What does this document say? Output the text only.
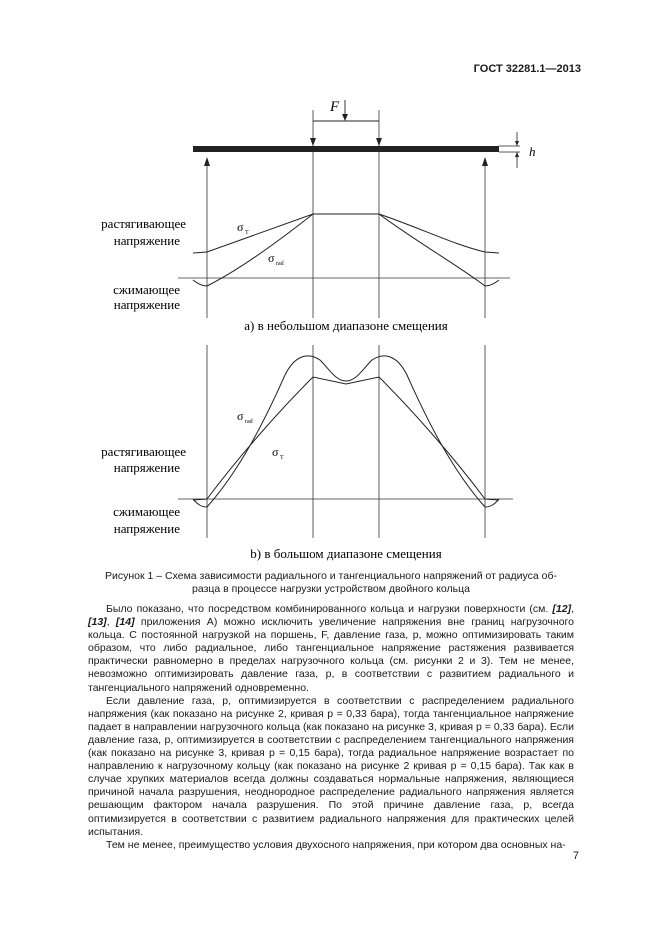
ГОСТ 32281.1—2013
F
h
растягивающее
напряжение
сжимающее
напряжение
σ T
σ rad
а) в небольшом диапазоне смещения
растягивающее
напряжение
сжимающее
напряжение
σ rad
σ T
b) в большом диапазоне смещения
Рисунок 1 – Схема зависимости радиального и тангенциального напряжений от радиуса об-
разца в процессе нагрузки устройством двойного кольца

Было показано, что посредством комбинированного кольца и нагрузки поверхности (см. [12], [13], [14] приложения А) можно исключить увеличение напряжения вне границ нагрузочного кольца. С постоянной нагрузкой на поршень, F, давление газа, р, можно оптимизировать таким образом, что либо радиальное, либо тангенциальное напряжение растяжения развивается практически равномерно в пределах нагрузочного кольца (см. рисунки 2 и 3). Тем не менее, невозможно оптимизировать давление газа, р, в соответствии с развитием радиального и тангенциального напряжений одновременно.

Если давление газа, р, оптимизируется в соответствии с распределением радиального напряжения (как показано на рисунке 2, кривая р = 0,33 бара), тогда тангенциальное напряжение падает в направлении нагрузочного кольца (как показано на рисунке 3, кривая р = 0,33 бара). Если давление газа, р, оптимизируется в соответствии с распределением тангенциального напряжения (как показано на рисунке 3, кривая р = 0,15 бара), тогда радиальное напряжение возрастает по направлению к нагрузочному кольцу (как показано на рисунке 2 кривая р = 0,15 бара). Так как в случае хрупких материалов всегда должны создаваться нормальные напряжения, являющиеся причиной начала разрушения, неоднородное распределение радиального напряжения является решающим фактором начала разрушения. По этой причине давление газа, р, всегда оптимизируется в соответствии с развитием радиального напряжения для практических целей испытания.

Тем не менее, преимущество условия двухосного напряжения, при котором два основных на-

7
